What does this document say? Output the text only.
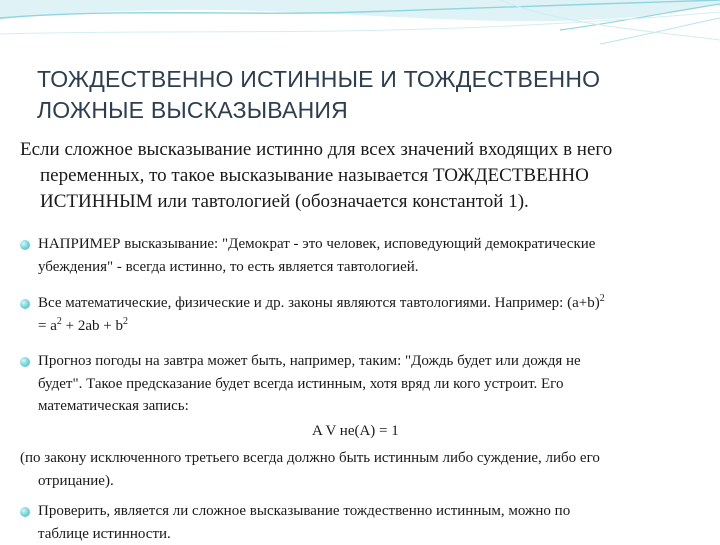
ТОЖДЕСТВЕННО ИСТИННЫЕ И ТОЖДЕСТВЕННО
ЛОЖНЫЕ ВЫСКАЗЫВАНИЯ
Если сложное высказывание истинно для всех значений входящих в него
переменных, то такое высказывание называется ТОЖДЕСТВЕННО
ИСТИННЫМ или тавтологией (обозначается константой 1).
НАПРИМЕР высказывание: "Демократ - это человек, исповедующий демократические
убеждения" - всегда истинно, то есть является тавтологией.
Все математические, физические и др. законы являются тавтологиями. Например: $(a+b)^2$
= $a^2 + 2ab + b^2$
Прогноз погоды на завтра может быть, например, таким: "Дождь будет или дождя не
будет". Такое предсказание будет всегда истинным, хотя вряд ли кого устроит. Его
математическая запись:
A V не(A) = 1
(по закону исключенного третьего всегда должно быть истинным либо суждение, либо его
отрицание).
Проверить, является ли сложное высказывание тождественно истинным, можно по
таблице истинности.
